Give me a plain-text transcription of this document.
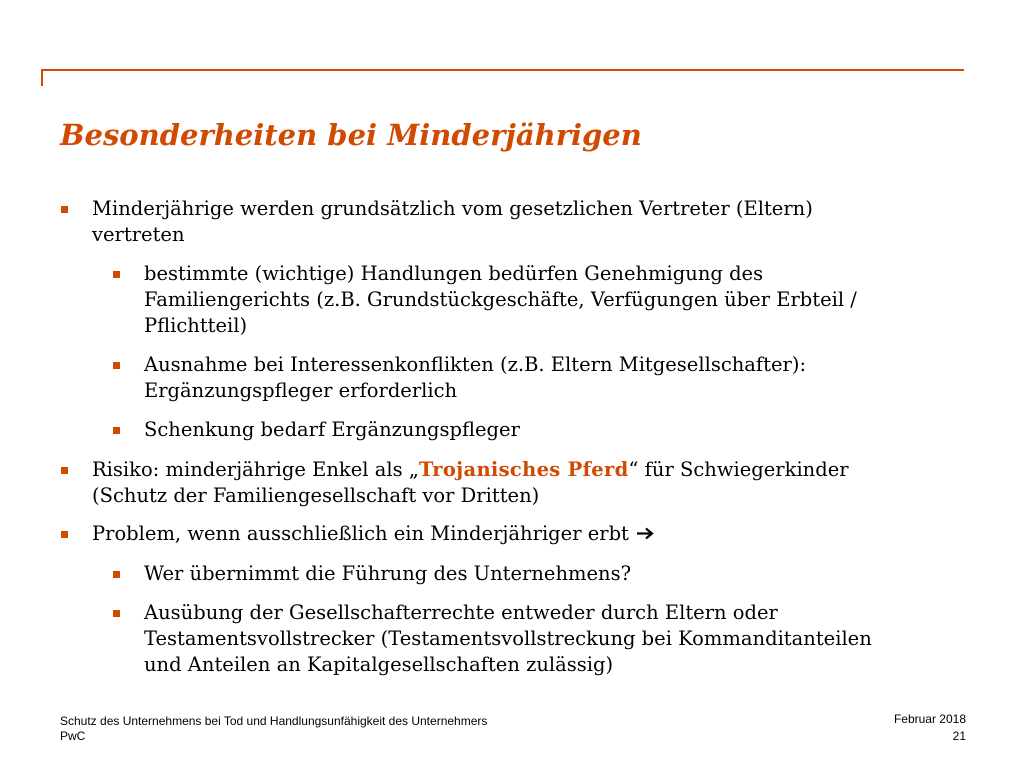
Besonderheiten bei Minderjährigen
Minderjährige werden grundsätzlich vom gesetzlichen Vertreter (Eltern)
vertreten
bestimmte (wichtige) Handlungen bedürfen Genehmigung des
Familiengerichts (z.B. Grundstückgeschäfte, Verfügungen über Erbteil /
Pflichtteil)
Ausnahme bei Interessenkonflikten (z.B. Eltern Mitgesellschafter):
Ergänzungspfleger erforderlich
Schenkung bedarf Ergänzungspfleger
Risiko: minderjährige Enkel als „Trojanisches Pferd“ für Schwiegerkinder
(Schutz der Familiengesellschaft vor Dritten)
Problem, wenn ausschließlich ein Minderjähriger erbt
Wer übernimmt die Führung des Unternehmens?
Ausübung der Gesellschafterrechte entweder durch Eltern oder
Testamentsvollstrecker (Testamentsvollstreckung bei Kommanditanteilen
und Anteilen an Kapitalgesellschaften zulässig)
Schutz des Unternehmens bei Tod und Handlungsunfähigkeit des Unternehmers
PwC
Februar 2018
21
